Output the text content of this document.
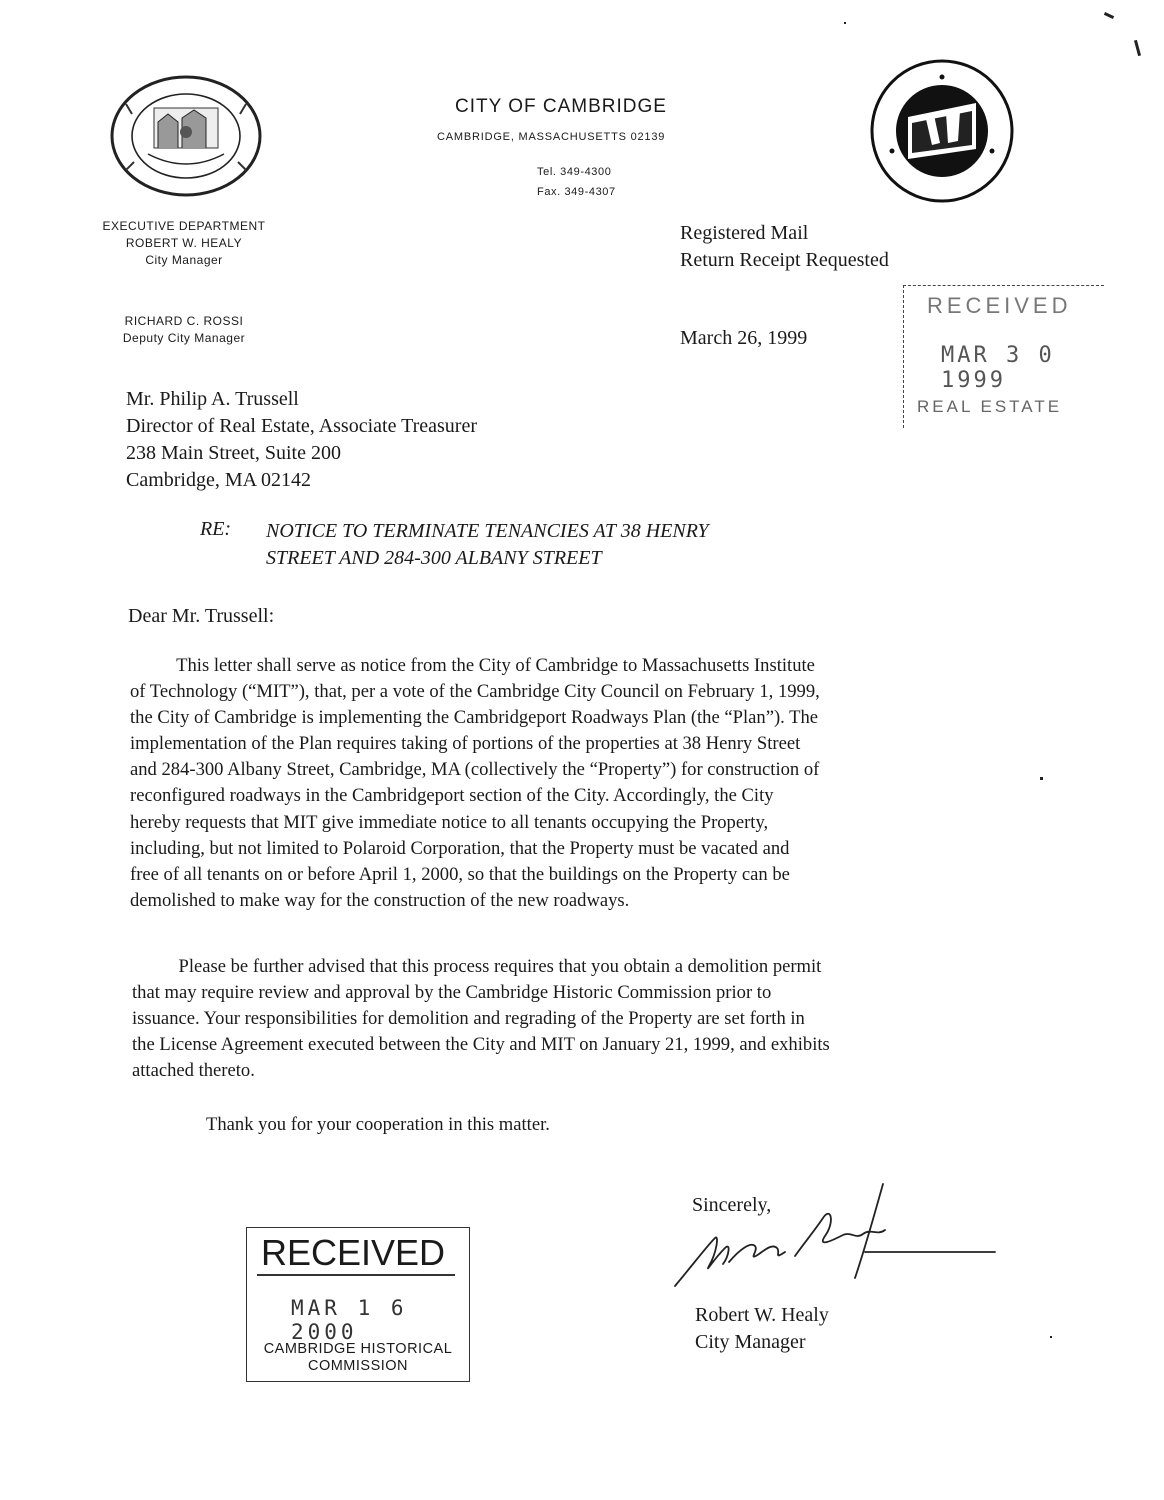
CITY OF CAMBRIDGE
CAMBRIDGE, MASSACHUSETTS 02139
Tel. 349-4300
Fax. 349-4307
EXECUTIVE DEPARTMENT
ROBERT W. HEALY
City Manager
RICHARD C. ROSSI
Deputy City Manager
Registered Mail
Return Receipt Requested
March 26, 1999
RECEIVED
MAR 3 0 1999
REAL ESTATE
Mr. Philip A. Trussell
Director of Real Estate, Associate Treasurer
238 Main Street, Suite 200
Cambridge, MA 02142
RE: NOTICE TO TERMINATE TENANCIES AT 38 HENRY
STREET AND 284-300 ALBANY STREET
Dear Mr. Trussell:
This letter shall serve as notice from the City of Cambridge to Massachusetts Institute
of Technology (“MIT”), that, per a vote of the Cambridge City Council on February 1, 1999,
the City of Cambridge is implementing the Cambridgeport Roadways Plan (the “Plan”). The
implementation of the Plan requires taking of portions of the properties at 38 Henry Street
and 284-300 Albany Street, Cambridge, MA (collectively the “Property”) for construction of
reconfigured roadways in the Cambridgeport section of the City. Accordingly, the City
hereby requests that MIT give immediate notice to all tenants occupying the Property,
including, but not limited to Polaroid Corporation, that the Property must be vacated and
free of all tenants on or before April 1, 2000, so that the buildings on the Property can be
demolished to make way for the construction of the new roadways.
Please be further advised that this process requires that you obtain a demolition permit
that may require review and approval by the Cambridge Historic Commission prior to
issuance. Your responsibilities for demolition and regrading of the Property are set forth in
the License Agreement executed between the City and MIT on January 21, 1999, and exhibits
attached thereto.
Thank you for your cooperation in this matter.
Sincerely,
Robert W. Healy
City Manager
RECEIVED
MAR 1 6 2000
CAMBRIDGE HISTORICAL
COMMISSION
